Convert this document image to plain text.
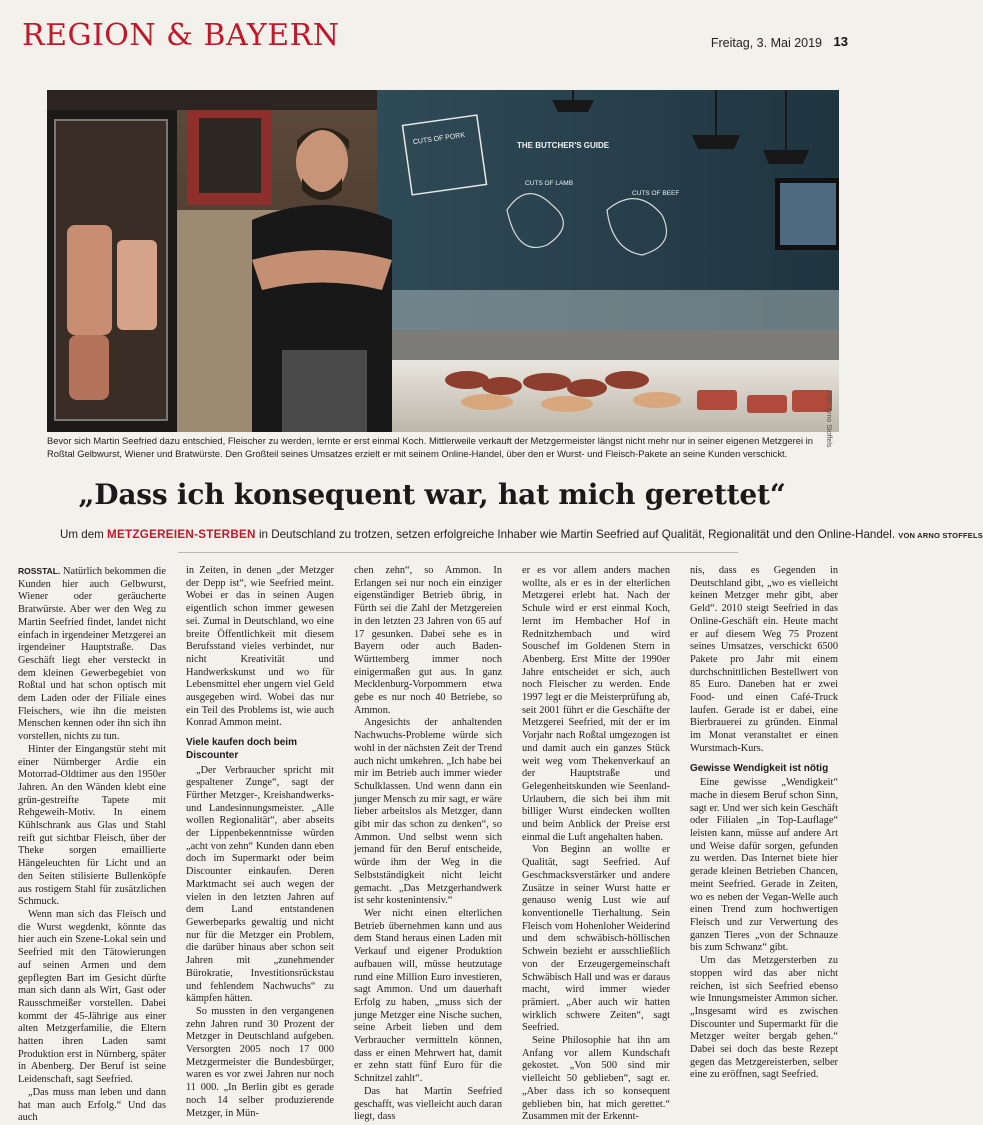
REGION & BAYERN	Freitag, 3. Mai 2019 13
CUTS OF PORK	THE BUTCHER'S GUIDE
CUTS OF LAMB
CUTS OF BEEF
Foto: Arno Stoffels
Bevor sich Martin Seefried dazu entschied, Fleischer zu werden, lernte er erst einmal Koch. Mittlerweile verkauft der Metzgermeister längst nicht mehr nur in seiner eigenen Metzgerei in Roßtal Gelbwurst, Wiener und Bratwürste. Den Großteil seines Umsatzes erzielt er mit seinem Online-Handel, über den er Wurst- und Fleisch-Pakete an seine Kunden verschickt.
„Dass ich konsequent war, hat mich gerettet“
Um dem METZGEREIEN-STERBEN in Deutschland zu trotzen, setzen erfolgreiche Inhaber wie Martin Seefried auf Qualität, Regionalität und den Online-Handel. VON ARNO STOFFELS

ROSSTAL. Natürlich bekommen die Kunden hier auch Gelbwurst, Wiener oder geräucherte Bratwürste. Aber wer den Weg zu Martin Seefried findet, landet nicht einfach in irgendeiner Metzgerei an irgendeiner Hauptstraße. Das Geschäft liegt eher versteckt in dem kleinen Gewerbegebiet von Roßtal und hat schon optisch mit dem Laden oder der Filiale eines Fleischers, wie ihn die meisten Menschen kennen oder ihn sich ihn vorstellen, nichts zu tun.

Hinter der Eingangstür steht mit einer Nürnberger Ardie ein Motorrad-Oldtimer aus den 1950er Jahren. An den Wänden klebt eine grün-gestreifte Tapete mit Rehgeweih-Motiv. In einem Kühlschrank aus Glas und Stahl reift gut sichtbar Fleisch, über der Theke sorgen emaillierte Hängeleuchten für Licht und an den Seiten stilisierte Bullenköpfe aus rostigem Stahl für zusätzlichen Schmuck.

Wenn man sich das Fleisch und die Wurst wegdenkt, könnte das hier auch ein Szene-Lokal sein und Seefried mit den Tätowierungen auf seinen Armen und dem gepflegten Bart im Gesicht dürfte man sich dann als Wirt, Gast oder Rausschmeißer vorstellen. Dabei kommt der 45-Jährige aus einer alten Metzgerfamilie, die Eltern hatten ihren Laden samt Produktion erst in Nürnberg, später in Abenberg. Der Beruf ist seine Leidenschaft, sagt Seefried.

„Das muss man leben und dann hat man auch Erfolg.“ Und das auch

in Zeiten, in denen „der Metzger der Depp ist“, wie Seefried meint. Wobei er das in seinen Augen eigentlich schon immer gewesen sei. Zumal in Deutschland, wo eine breite Öffentlichkeit mit diesem Berufsstand vieles verbindet, nur nicht Kreativität und Handwerkskunst und wo für Lebensmittel eher ungern viel Geld ausgegeben wird. Wobei das nur ein Teil des Problems ist, wie auch Konrad Ammon meint.

Viele kaufen doch beim Discounter

„Der Verbraucher spricht mit gespaltener Zunge“, sagt der Fürther Metzger-, Kreishandwerks- und Landesinnungsmeister. „Alle wollen Regionalität“, aber abseits der Lippenbekenntnisse würden „acht von zehn“ Kunden dann eben doch im Supermarkt oder beim Discounter einkaufen. Deren Marktmacht sei auch wegen der vielen in den letzten Jahren auf dem Land entstandenen Gewerbeparks gewaltig und nicht nur für die Metzger ein Problem, die darüber hinaus aber schon seit Jahren mit „zunehmender Bürokratie, Investitionsrückstau und fehlendem Nachwuchs“ zu kämpfen hätten.

So mussten in den vergangenen zehn Jahren rund 30 Prozent der Metzger in Deutschland aufgeben. Versorgten 2005 noch 17 000 Metzgermeister die Bundesbürger, waren es vor zwei Jahren nur noch 11 000. „In Berlin gibt es gerade noch 14 selber produzierende Metzger, in Mün-

chen zehn“, so Ammon. In Erlangen sei nur noch ein einziger eigenständiger Betrieb übrig, in Fürth sei die Zahl der Metzgereien in den letzten 23 Jahren von 65 auf 17 gesunken. Dabei sehe es in Bayern oder auch Baden-Württemberg immer noch einigermaßen gut aus. In ganz Mecklenburg-Vorpommern etwa gebe es nur noch 40 Betriebe, so Ammon.

Angesichts der anhaltenden Nachwuchs-Probleme würde sich wohl in der nächsten Zeit der Trend auch nicht umkehren. „Ich habe bei mir im Betrieb auch immer wieder Schulklassen. Und wenn dann ein junger Mensch zu mir sagt, er wäre lieber arbeitslos als Metzger, dann gibt mir das schon zu denken“, so Ammon. Und selbst wenn sich jemand für den Beruf entscheide, würde ihm der Weg in die Selbstständigkeit nicht leicht gemacht. „Das Metzgerhandwerk ist sehr kostenintensiv.“

Wer nicht einen elterlichen Betrieb übernehmen kann und aus dem Stand heraus einen Laden mit Verkauf und eigener Produktion aufbauen will, müsse heutzutage rund eine Million Euro investieren, sagt Ammon. Und um dauerhaft Erfolg zu haben, „muss sich der junge Metzger eine Nische suchen, seine Arbeit lieben und dem Verbraucher vermitteln können, dass er einen Mehrwert hat, damit er zehn statt fünf Euro für die Schnitzel zahlt“.

Das hat Martin Seefried geschafft, was vielleicht auch daran liegt, dass

er es vor allem anders machen wollte, als er es in der elterlichen Metzgerei erlebt hat. Nach der Schule wird er erst einmal Koch, lernt im Hembacher Hof in Rednitzhembach und wird Souschef im Goldenen Stern in Abenberg. Erst Mitte der 1990er Jahre entscheidet er sich, auch noch Fleischer zu werden. Ende 1997 legt er die Meisterprüfung ab, seit 2001 führt er die Geschäfte der Metzgerei Seefried, mit der er im Vorjahr nach Roßtal umgezogen ist und damit auch ein ganzes Stück weit weg vom Thekenverkauf an der Hauptstraße und Gelegenheitskunden wie Seenland-Urlaubern, die sich bei ihm mit billiger Wurst eindecken wollten und beim Anblick der Preise erst einmal die Luft angehalten haben.

Von Beginn an wollte er Qualität, sagt Seefried. Auf Geschmacksverstärker und andere Zusätze in seiner Wurst hatte er genauso wenig Lust wie auf konventionelle Tierhaltung. Sein Fleisch vom Hohenloher Weiderind und dem schwäbisch-höllischen Schwein bezieht er ausschließlich von der Erzeugergemeinschaft Schwäbisch Hall und was er daraus macht, wird immer wieder prämiert. „Aber auch wir hatten wirklich schwere Zeiten“, sagt Seefried.

Seine Philosophie hat ihn am Anfang vor allem Kundschaft gekostet. „Von 500 sind mir vielleicht 50 geblieben“, sagt er. „Aber dass ich so konsequent geblieben bin, hat mich gerettet.“ Zusammen mit der Erkennt-

nis, dass es Gegenden in Deutschland gibt, „wo es vielleicht keinen Metzger mehr gibt, aber Geld“. 2010 steigt Seefried in das Online-Geschäft ein. Heute macht er auf diesem Weg 75 Prozent seines Umsatzes, verschickt 6500 Pakete pro Jahr mit einem durchschnittlichen Bestellwert von 85 Euro. Daneben hat er zwei Food- und einen Café-Truck laufen. Gerade ist er dabei, eine Bierbrauerei zu gründen. Einmal im Monat veranstaltet er einen Wurstmach-Kurs.

Gewisse Wendigkeit ist nötig

Eine gewisse „Wendigkeit“ mache in diesem Beruf schon Sinn, sagt er. Und wer sich kein Geschäft oder Filialen „in Top-Lauflage“ leisten kann, müsse auf andere Art und Weise dafür sorgen, gefunden zu werden. Das Internet biete hier gerade kleinen Betrieben Chancen, meint Seefried. Gerade in Zeiten, wo es neben der Vegan-Welle auch einen Trend zum hochwertigen Fleisch und zur Verwertung des ganzen Tieres „von der Schnauze bis zum Schwanz“ gibt.

Um das Metzgersterben zu stoppen wird das aber nicht reichen, ist sich Seefried ebenso wie Innungsmeister Ammon sicher. „Insgesamt wird es zwischen Discounter und Supermarkt für die Metzger weiter bergab gehen.“ Dabei sei doch das beste Rezept gegen das Metzgereisterben, selber eine zu eröffnen, sagt Seefried.
